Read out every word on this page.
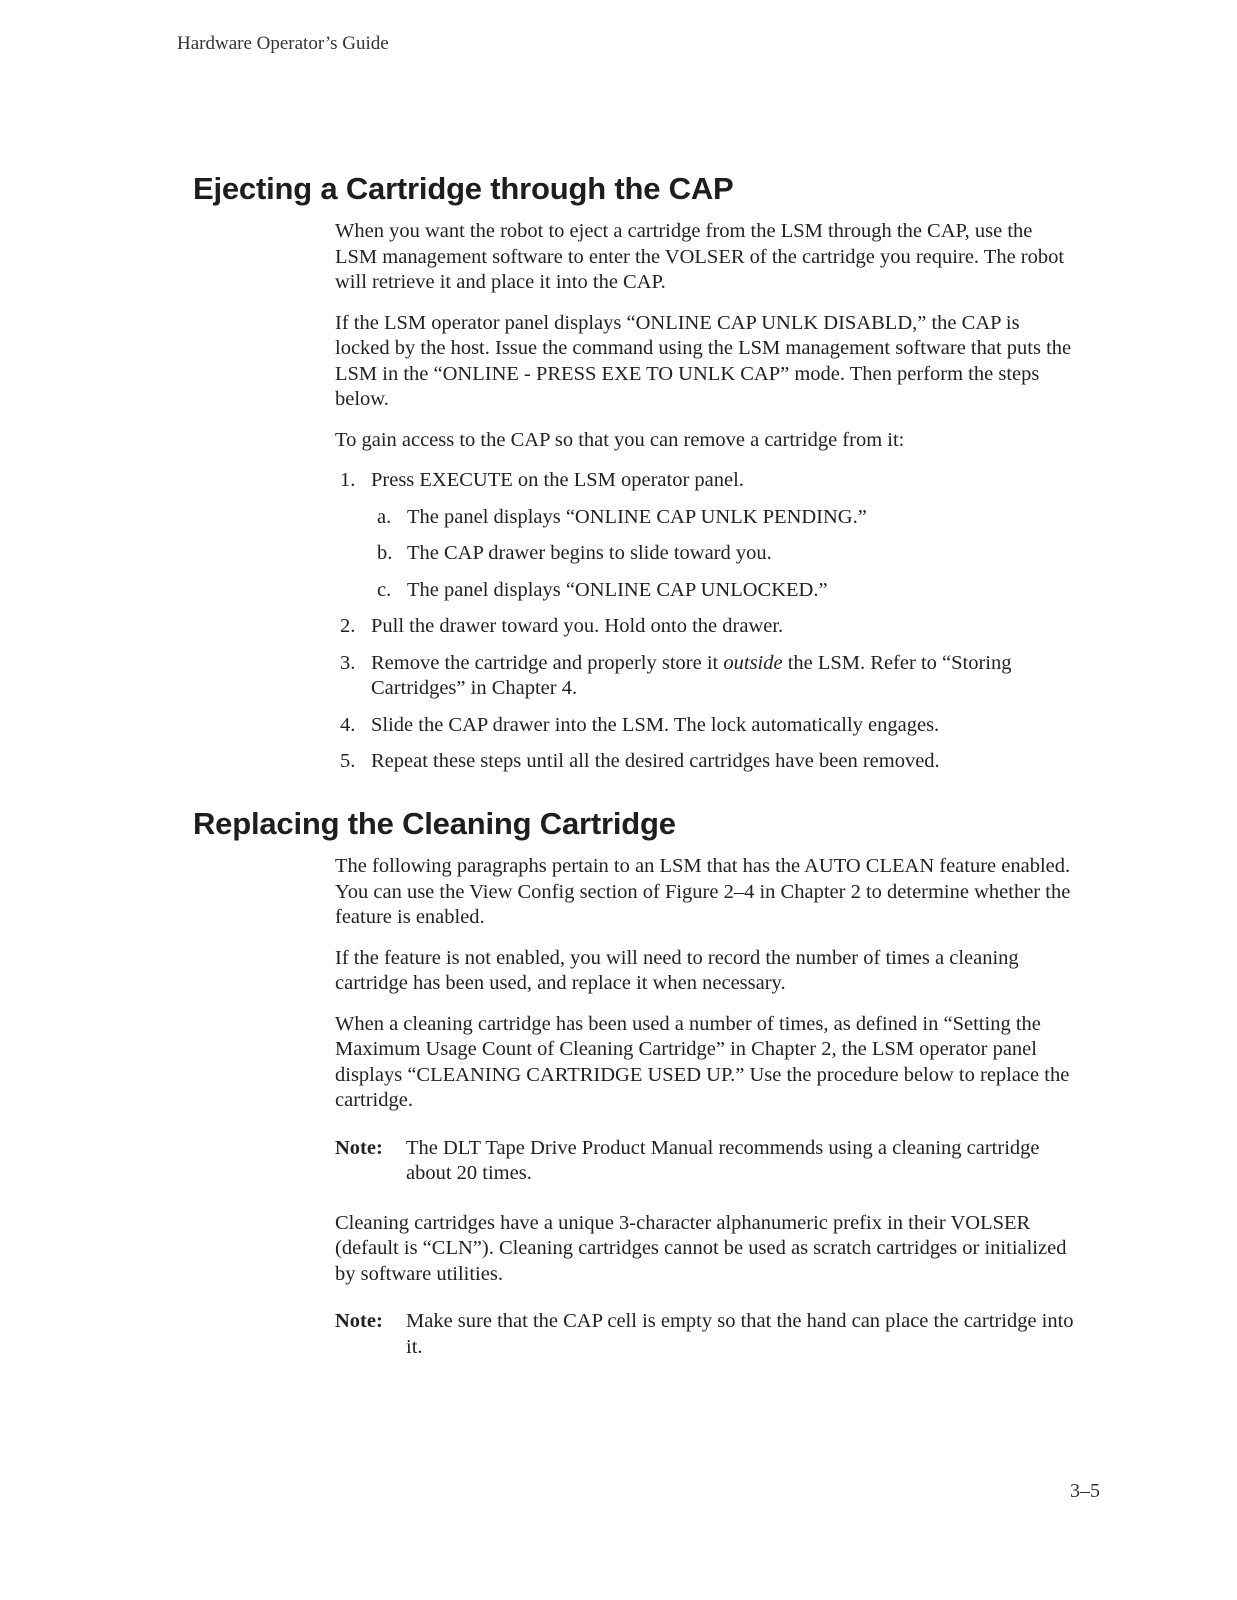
Hardware Operator’s Guide
Ejecting a Cartridge through the CAP

When you want the robot to eject a cartridge from the LSM through the CAP, use the LSM management software to enter the VOLSER of the cartridge you require. The robot will retrieve it and place it into the CAP.

If the LSM operator panel displays “ONLINE CAP UNLK DISABLD,” the CAP is locked by the host. Issue the command using the LSM management software that puts the LSM in the “ONLINE - PRESS EXE TO UNLK CAP” mode. Then perform the steps below.

To gain access to the CAP so that you can remove a cartridge from it:

1. Press EXECUTE on the LSM operator panel.
a. The panel displays “ONLINE CAP UNLK PENDING.”
b. The CAP drawer begins to slide toward you.
c. The panel displays “ONLINE CAP UNLOCKED.”
2. Pull the drawer toward you. Hold onto the drawer.
3. Remove the cartridge and properly store it outside the LSM. Refer to “Storing Cartridges” in Chapter 4.
4. Slide the CAP drawer into the LSM. The lock automatically engages.
5. Repeat these steps until all the desired cartridges have been removed.
Replacing the Cleaning Cartridge

The following paragraphs pertain to an LSM that has the AUTO CLEAN feature enabled. You can use the View Config section of Figure 2–4 in Chapter 2 to determine whether the feature is enabled.

If the feature is not enabled, you will need to record the number of times a cleaning cartridge has been used, and replace it when necessary.

When a cleaning cartridge has been used a number of times, as defined in “Setting the Maximum Usage Count of Cleaning Cartridge” in Chapter 2, the LSM operator panel displays “CLEANING CARTRIDGE USED UP.” Use the procedure below to replace the cartridge.

Note: The DLT Tape Drive Product Manual recommends using a cleaning cartridge about 20 times.

Cleaning cartridges have a unique 3-character alphanumeric prefix in their VOLSER (default is “CLN”). Cleaning cartridges cannot be used as scratch cartridges or initialized by software utilities.

Note: Make sure that the CAP cell is empty so that the hand can place the cartridge into it.
3–5
